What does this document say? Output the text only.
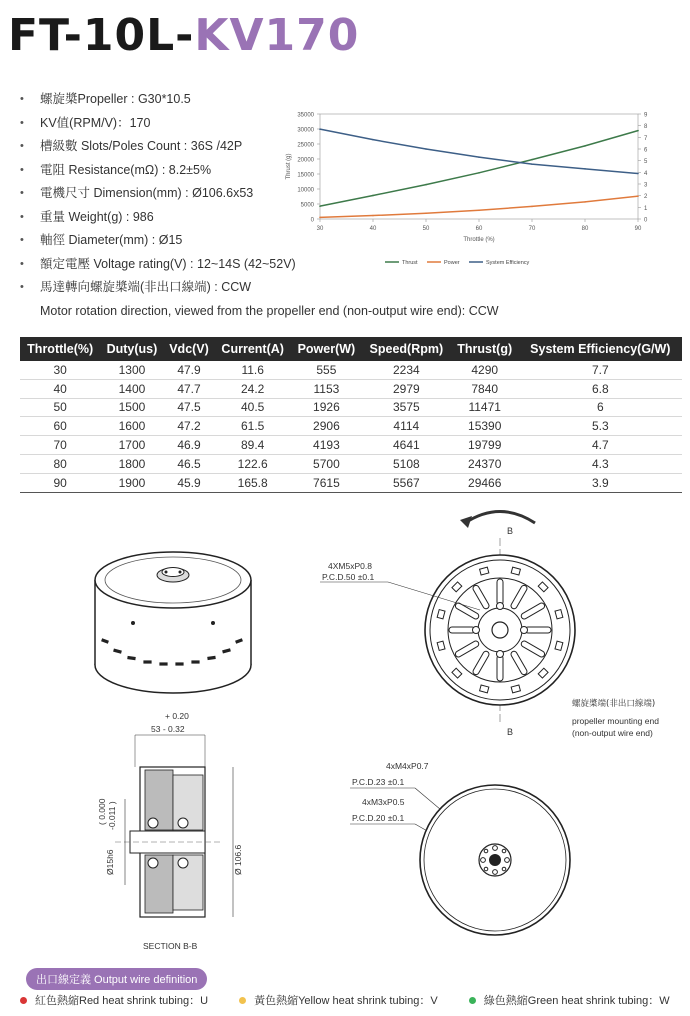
FT-10L-KV170
• 螺旋槳Propeller : G30*10.5
• KV值(RPM/V)：170
• 槽級數 Slots/Poles Count : 36S /42P
• 電阻 Resistance(mΩ) : 8.2±5%
• 電機尺寸 Dimension(mm) : Ø106.6x53
• 重量 Weight(g) : 986
• 軸徑 Diameter(mm) : Ø15
• 額定電壓 Voltage rating(V) : 12~14S (42~52V)
• 馬達轉向螺旋槳端(非出口線端) : CCW
Motor rotation direction, viewed from the propeller end (non-output wire end): CCW
0
5000
10000
15000
20000
25000
30000
35000
0
1
2
3
4
5
6
7
8
9
30	40	50	60	70	80	90
Throttle (%)
Thrust (g)
Thrust	Power	System Efficiency
Throttle(%)	Duty(us)	Vdc(V)	Current(A)	Power(W)	Speed(Rpm)	Thrust(g)	System Efficiency(G/W)
30	1300	47.9	11.6	555	2234	4290	7.7
40	1400	47.7	24.2	1153	2979	7840	6.8
50	1500	47.5	40.5	1926	3575	11471	6
60	1600	47.2	61.5	2906	4114	15390	5.3
70	1700	46.9	89.4	4193	4641	19799	4.7
80	1800	46.5	122.6	5700	5108	24370	4.3
90	1900	45.9	165.8	7615	5567	29466	3.9
B
B
4XM5xP0.8
P.C.D.50 ±0.1
螺旋槳端(非出口線端)
propeller mounting end
(non-output wire end)
+ 0.20
53 - 0.32
( 0.000 -0.011 )
Ø15h6	Ø 106.6
SECTION B-B
4xM4xP0.7
P.C.D.23 ±0.1
4xM3xP0.5
P.C.D.20 ±0.1
出口線定義 Output wire definition
紅色熱縮Red heat shrink tubing：U
	黃色熱縮Yellow heat shrink tubing：V
	綠色熱縮Green heat shrink tubing：W
